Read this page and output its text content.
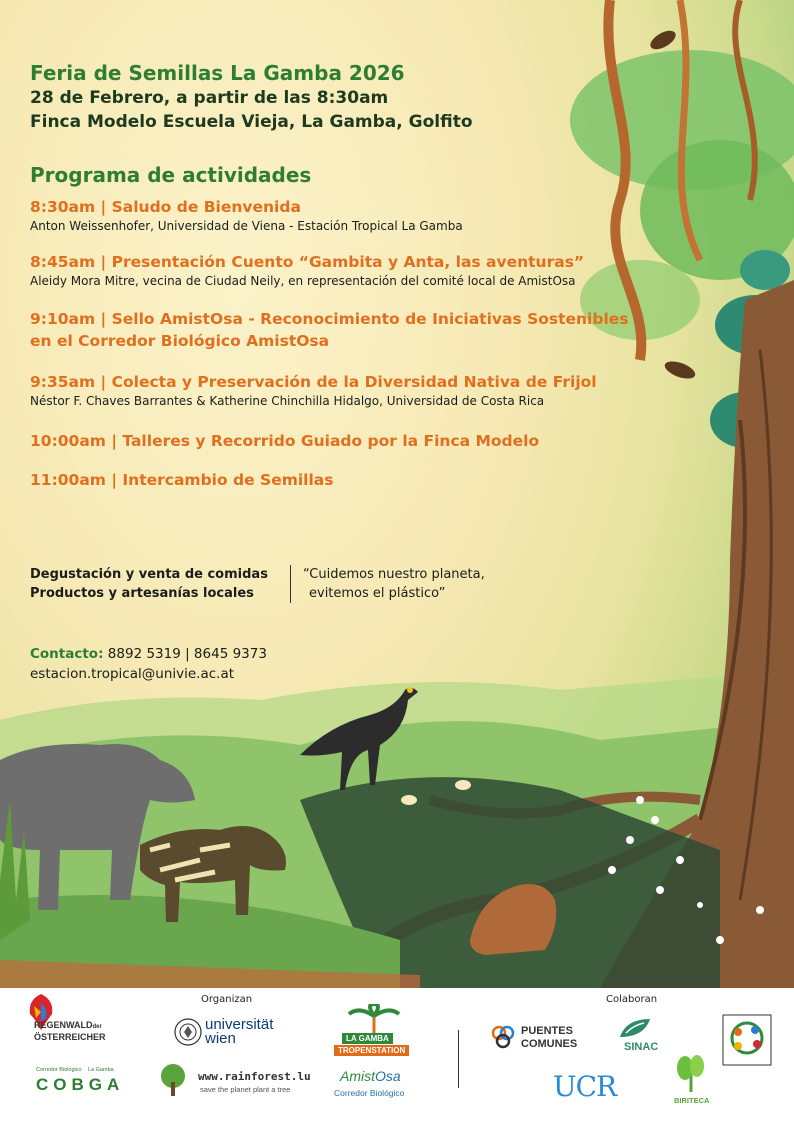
Feria de Semillas La Gamba 2026
28 de Febrero, a partir de las 8:30am
Finca Modelo Escuela Vieja, La Gamba, Golfito
Programa de actividades
8:30am | Saludo de Bienvenida
Anton Weissenhofer, Universidad de Viena - Estación Tropical La Gamba
8:45am | Presentación Cuento “Gambita y Anta, las aventuras”
Aleidy Mora Mitre, vecina de Ciudad Neily, en representación del comité local de AmistOsa
9:10am | Sello AmistOsa - Reconocimiento de Iniciativas Sostenibles en el Corredor Biológico AmistOsa
9:35am | Colecta y Preservación de la Diversidad Nativa de Frijol
Néstor F. Chaves Barrantes & Katherine Chinchilla Hidalgo, Universidad de Costa Rica
10:00am | Talleres y Recorrido Guiado por la Finca Modelo
11:00am | Intercambio de Semillas
Degustación y venta de comidas
Productos y artesanías locales
“Cuidemos nuestro planeta,
evitemos el plástico”
Contacto: 8892 5319 | 8645 9373
estacion.tropical@univie.ac.at
Organizan	Colaboran
REGENWALDder
ÖSTERREICHER
universität
wien	LA GAMBA
TROPENSTATION
AmistOsa
Corredor Biológico
Corredor Biológico La Gamba
COBGA	www.rainforest.lu
save the planet plant a tree
PUENTES
COMUNES	SINAC
UCR	BIRITECA
